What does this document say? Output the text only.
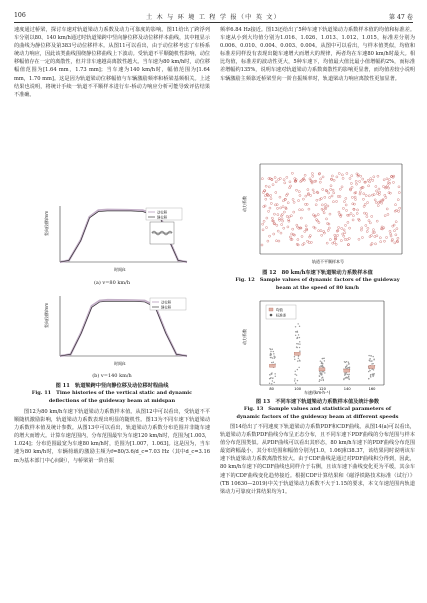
106	土 木 与 环 境 工 程 学 报（中 英 文）	第 47 卷

速度通过桥梁，探讨车速对轨道梁动力系数及动力可靠度的影响。图11给出了跨浮列车分别以80、140 km/h通过时轨道梁跨中竖向静位移及动位移样本曲线，其中粗显示的曲线为静位移及第383号动位移样本。从图11可以看出，由于动位移考虑了车桥系统动力响应，因此该类曲线围绕静位移曲线上下波动。受轨道不平顺随机性影响，动位移幅值存在一定的离散性，但并非车速越高离散性越大。当车速为80 km/h时，动位移幅值范围为[1.64 mm，1.73 mm]；当车速为140 km/h时，幅值范围为[1.64 mm，1.70 mm]。这是因为轨道梁动位移幅值与车辆激励频率和桥梁基频相关。上述结果也说明，将统计手续一轨道不平顺样本进行车-桥动力响应分析可能导致评估结果不准确。

竖向位移/mm
时间/s
动位移
静位移
(a) v=80 km/h
竖向位移/mm
时间/s
动位移
静位移
(b) v=140 km/h

图 11　轨道梁跨中竖向静位移及动位移时程曲线

Fig. 11　Time histories of the vertical static and dynamic

deflections of the guideway beam at midspan

图12为80 km/h车速下轨道梁动力系数样本值。从图12中可以看出，受轨道不平顺随机激励影响，轨道梁动力系数表现出明显的随机性。图13为不同车速下轨道梁动力系数样本值及统计参数。从图13中可以看出，轨道梁动力系数分布范围并非随车速的增大而增大。计算车速范围内，分布范围最窄为车速120 km/h时，范围为[1.003，1.024]；分布范围最宽为车速80 km/h时，范围为[1.007，1.063]。这是因为，当车速为80 km/h时，车辆荷载的激励主频为f=80/3.6/d_c=7.03 Hz（其中d_c=3.16 m为基本部门中心间距），与桥梁第一阶自振

频率6.84 Hz接近。图13还给出了5种车速下轨道梁动力系数样本值的均值和标准差。车速从小到大均值分别为1.016、1.026、1.013、1.012、1.015，标准差分别为0.006、0.010、0.004、0.003、0.004。从图中可以看出，与样本值类似，均值和标准差同样没有表现出随车速增大而增大的规律，两者均在车速80 km/h时最大。相比均值，标准差的波动性更大，5种车速下，均值最大值比最小值增幅约2%，而标准差增幅约135%，说明车速对轨道梁动力系数离散性的影响更显著，而均值差较小说明车辆激励主频靠近桥梁竖向一阶自振频率时，轨道梁动力响应离散性更加显著。

动力系数
轨道不平顺样本号

图 12　80 km/h车速下轨道梁动力系数样本值

Fig. 12　Sample values of dynamic factors of the guideway

beam at the speed of 80 km/h

动力系数
车速/(km·h⁻¹)
均值
标准差
80	100	120	140	160

图 13　不同车速下轨道梁动力系数样本值及统计参数

Fig. 13　Sample values and statistical parameters of

dynamic factors of the guideway beam at different speeds

图14给出了不同速度下轨道梁动力系数PDF和CDF曲线。从图14(a)可以看出，轨道梁动力系数PDF曲线分布呈正态分布，且不同车速下PDF曲线的分布范围与样本值分布范围类似。从PDF曲线可以看出其形态，80 km/h车速下的PDF曲线分布范围最宽跨幅最小，其分布范围和幅值分别为[1.0，1.06]和38.37，该结果同时说明该车速下轨道梁动力系数离散性较大。由于CDF曲线是通过对PDF曲线积分得到，因此，80 km/h车速下的CDF曲线也同样介于右侧，且该车速下曲线变化更为平缓，其余车速下的CDF曲线变化趋势接近。根据CDF计算结果和《磁浮铁路技术标准（试行）》(TB 10630—2019)中关于轨道梁动力系数不大于1.15的要求，本文车速范围内轨道梁动力可靠度计算结果均为1。
